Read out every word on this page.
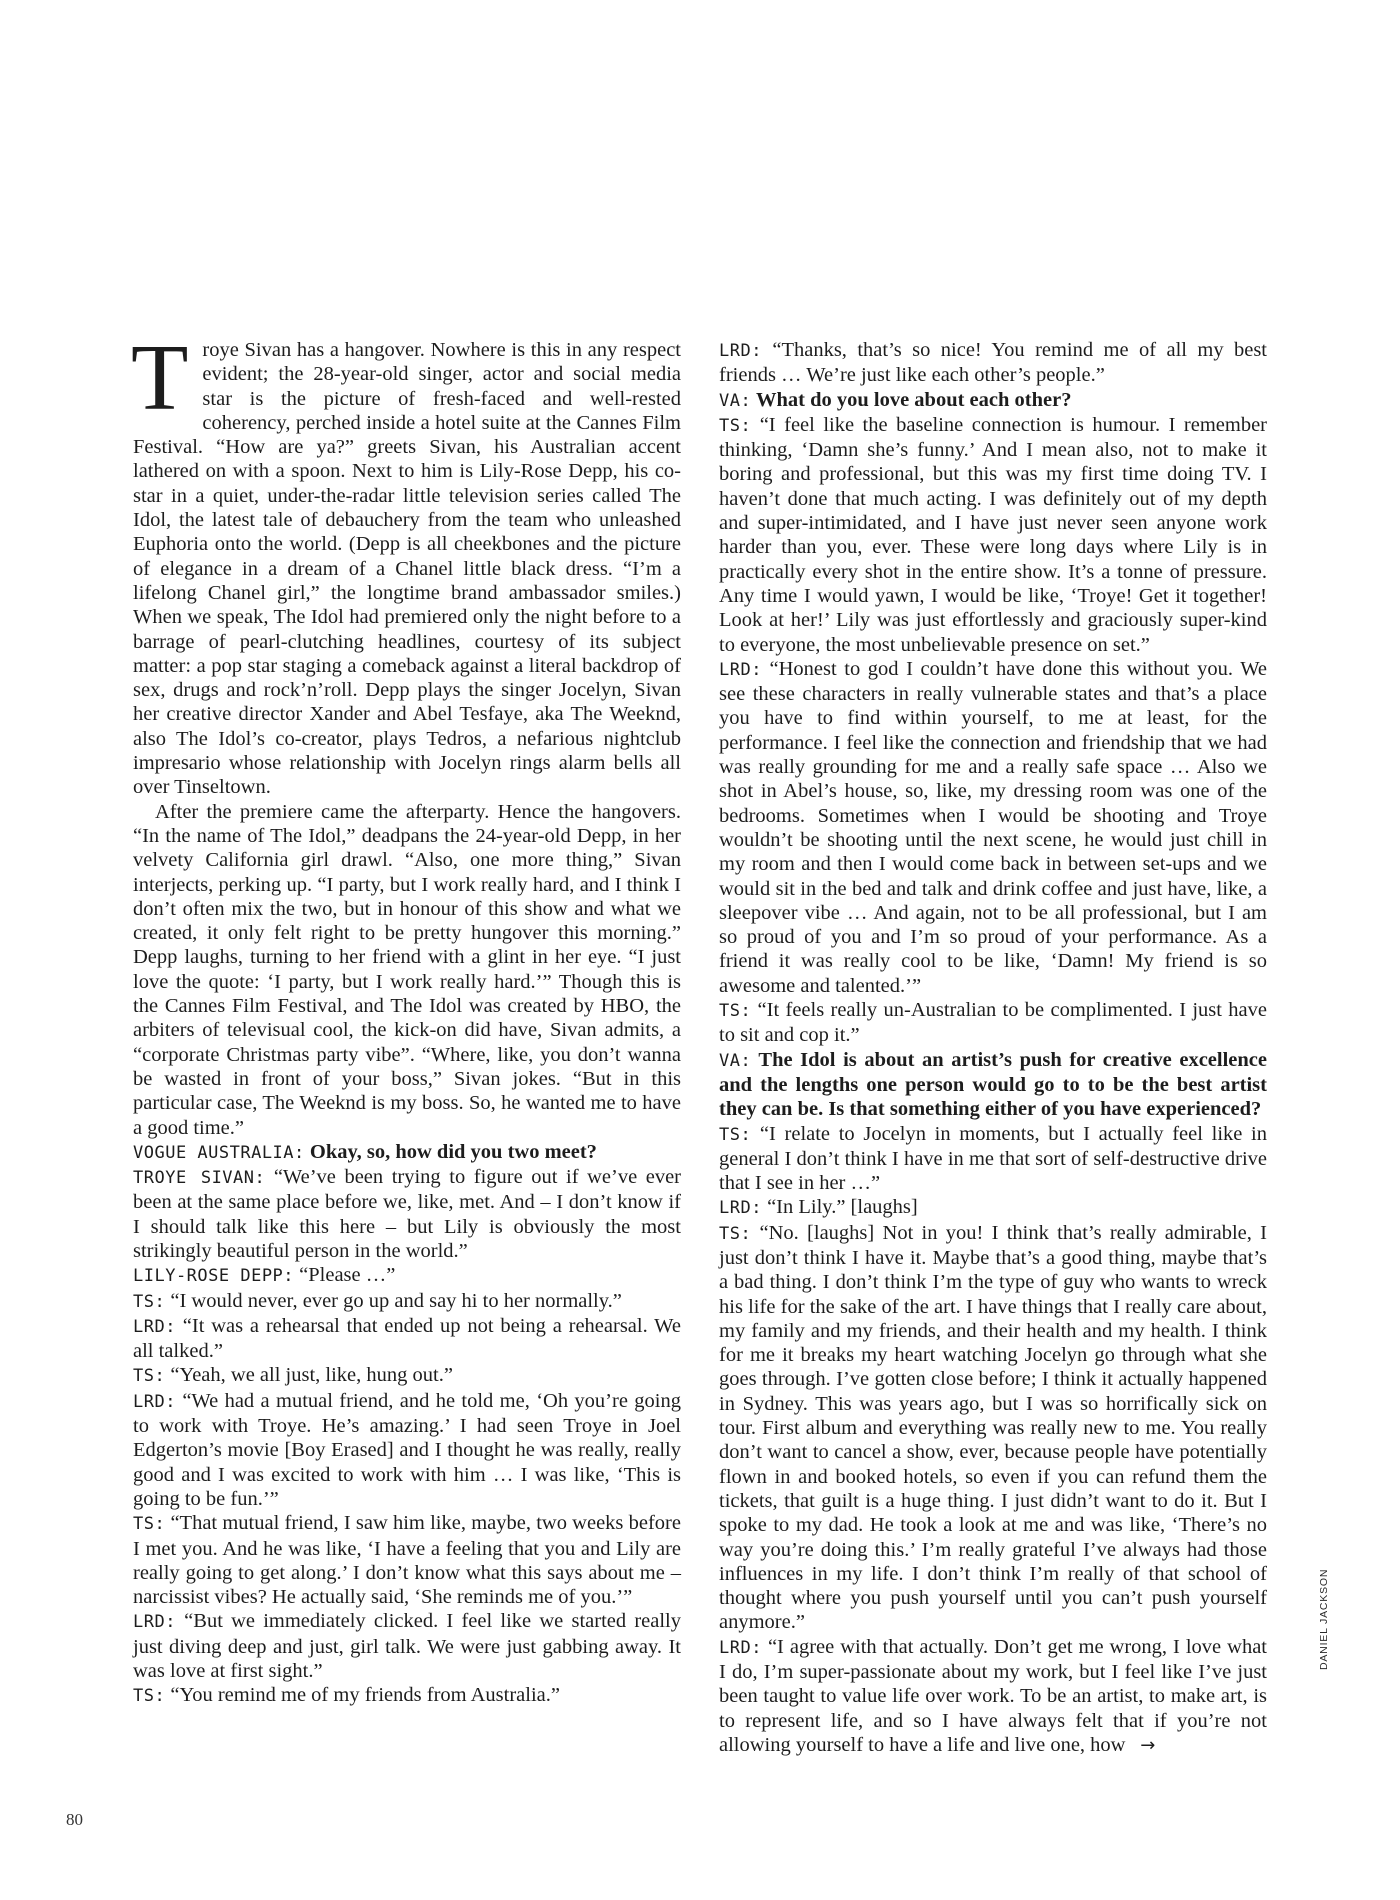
Troye Sivan has a hangover. Nowhere is this in any respect evident; the 28-year-old singer, actor and social media star is the picture of fresh-faced and well-rested coherency, perched inside a hotel suite at the Cannes Film Festival. “How are ya?” greets Sivan, his Australian accent lathered on with a spoon. Next to him is Lily-Rose Depp, his co-star in a quiet, under-the-radar little television series called The Idol, the latest tale of debauchery from the team who unleashed Euphoria onto the world. (Depp is all cheekbones and the picture of elegance in a dream of a Chanel little black dress. “I’m a lifelong Chanel girl,” the longtime brand ambassador smiles.) When we speak, The Idol had premiered only the night before to a barrage of pearl-clutching headlines, courtesy of its subject matter: a pop star staging a comeback against a literal backdrop of sex, drugs and rock’n’roll. Depp plays the singer Jocelyn, Sivan her creative director Xander and Abel Tesfaye, aka The Weeknd, also The Idol’s co-creator, plays Tedros, a nefarious nightclub impresario whose relationship with Jocelyn rings alarm bells all over Tinseltown.

After the premiere came the afterparty. Hence the hangovers. “In the name of The Idol,” deadpans the 24-year-old Depp, in her velvety California girl drawl. “Also, one more thing,” Sivan interjects, perking up. “I party, but I work really hard, and I think I don’t often mix the two, but in honour of this show and what we created, it only felt right to be pretty hungover this morning.” Depp laughs, turning to her friend with a glint in her eye. “I just love the quote: ‘I party, but I work really hard.’” Though this is the Cannes Film Festival, and The Idol was created by HBO, the arbiters of televisual cool, the kick-on did have, Sivan admits, a “corporate Christmas party vibe”. “Where, like, you don’t wanna be wasted in front of your boss,” Sivan jokes. “But in this particular case, The Weeknd is my boss. So, he wanted me to have a good time.”

VOGUE AUSTRALIA: Okay, so, how did you two meet?

TROYE SIVAN: “We’ve been trying to figure out if we’ve ever been at the same place before we, like, met. And – I don’t know if I should talk like this here – but Lily is obviously the most strikingly beautiful person in the world.”

LILY-ROSE DEPP: “Please …”

TS: “I would never, ever go up and say hi to her normally.”

LRD: “It was a rehearsal that ended up not being a rehearsal. We all talked.”

TS: “Yeah, we all just, like, hung out.”

LRD: “We had a mutual friend, and he told me, ‘Oh you’re going to work with Troye. He’s amazing.’ I had seen Troye in Joel Edgerton’s movie [Boy Erased] and I thought he was really, really good and I was excited to work with him … I was like, ‘This is going to be fun.’”

TS: “That mutual friend, I saw him like, maybe, two weeks before I met you. And he was like, ‘I have a feeling that you and Lily are really going to get along.’ I don’t know what this says about me – narcissist vibes? He actually said, ‘She reminds me of you.’”

LRD: “But we immediately clicked. I feel like we started really just diving deep and just, girl talk. We were just gabbing away. It was love at first sight.”

TS: “You remind me of my friends from Australia.”

LRD: “Thanks, that’s so nice! You remind me of all my best friends … We’re just like each other’s people.”

VA: What do you love about each other?

TS: “I feel like the baseline connection is humour. I remember thinking, ‘Damn she’s funny.’ And I mean also, not to make it boring and professional, but this was my first time doing TV. I haven’t done that much acting. I was definitely out of my depth and super-intimidated, and I have just never seen anyone work harder than you, ever. These were long days where Lily is in practically every shot in the entire show. It’s a tonne of pressure. Any time I would yawn, I would be like, ‘Troye! Get it together! Look at her!’ Lily was just effortlessly and graciously super-kind to everyone, the most unbelievable presence on set.”

LRD: “Honest to god I couldn’t have done this without you. We see these characters in really vulnerable states and that’s a place you have to find within yourself, to me at least, for the performance. I feel like the connection and friendship that we had was really grounding for me and a really safe space … Also we shot in Abel’s house, so, like, my dressing room was one of the bedrooms. Sometimes when I would be shooting and Troye wouldn’t be shooting until the next scene, he would just chill in my room and then I would come back in between set-ups and we would sit in the bed and talk and drink coffee and just have, like, a sleepover vibe … And again, not to be all professional, but I am so proud of you and I’m so proud of your performance. As a friend it was really cool to be like, ‘Damn! My friend is so awesome and talented.’”

TS: “It feels really un-Australian to be complimented. I just have to sit and cop it.”

VA: The Idol is about an artist’s push for creative excellence and the lengths one person would go to to be the best artist they can be. Is that something either of you have experienced?

TS: “I relate to Jocelyn in moments, but I actually feel like in general I don’t think I have in me that sort of self-destructive drive that I see in her …”

LRD: “In Lily.” [laughs]

TS: “No. [laughs] Not in you! I think that’s really admirable, I just don’t think I have it. Maybe that’s a good thing, maybe that’s a bad thing. I don’t think I’m the type of guy who wants to wreck his life for the sake of the art. I have things that I really care about, my family and my friends, and their health and my health. I think for me it breaks my heart watching Jocelyn go through what she goes through. I’ve gotten close before; I think it actually happened in Sydney. This was years ago, but I was so horrifically sick on tour. First album and everything was really new to me. You really don’t want to cancel a show, ever, because people have potentially flown in and booked hotels, so even if you can refund them the tickets, that guilt is a huge thing. I just didn’t want to do it. But I spoke to my dad. He took a look at me and was like, ‘There’s no way you’re doing this.’ I’m really grateful I’ve always had those influences in my life. I don’t think I’m really of that school of thought where you push yourself until you can’t push yourself anymore.”

LRD: “I agree with that actually. Don’t get me wrong, I love what I do, I’m super-passionate about my work, but I feel like I’ve just been taught to value life over work. To be an artist, to make art, is to represent life, and so I have always felt that if you’re not allowing yourself to have a life and live one, how  →

DANIEL JACKSON
80
